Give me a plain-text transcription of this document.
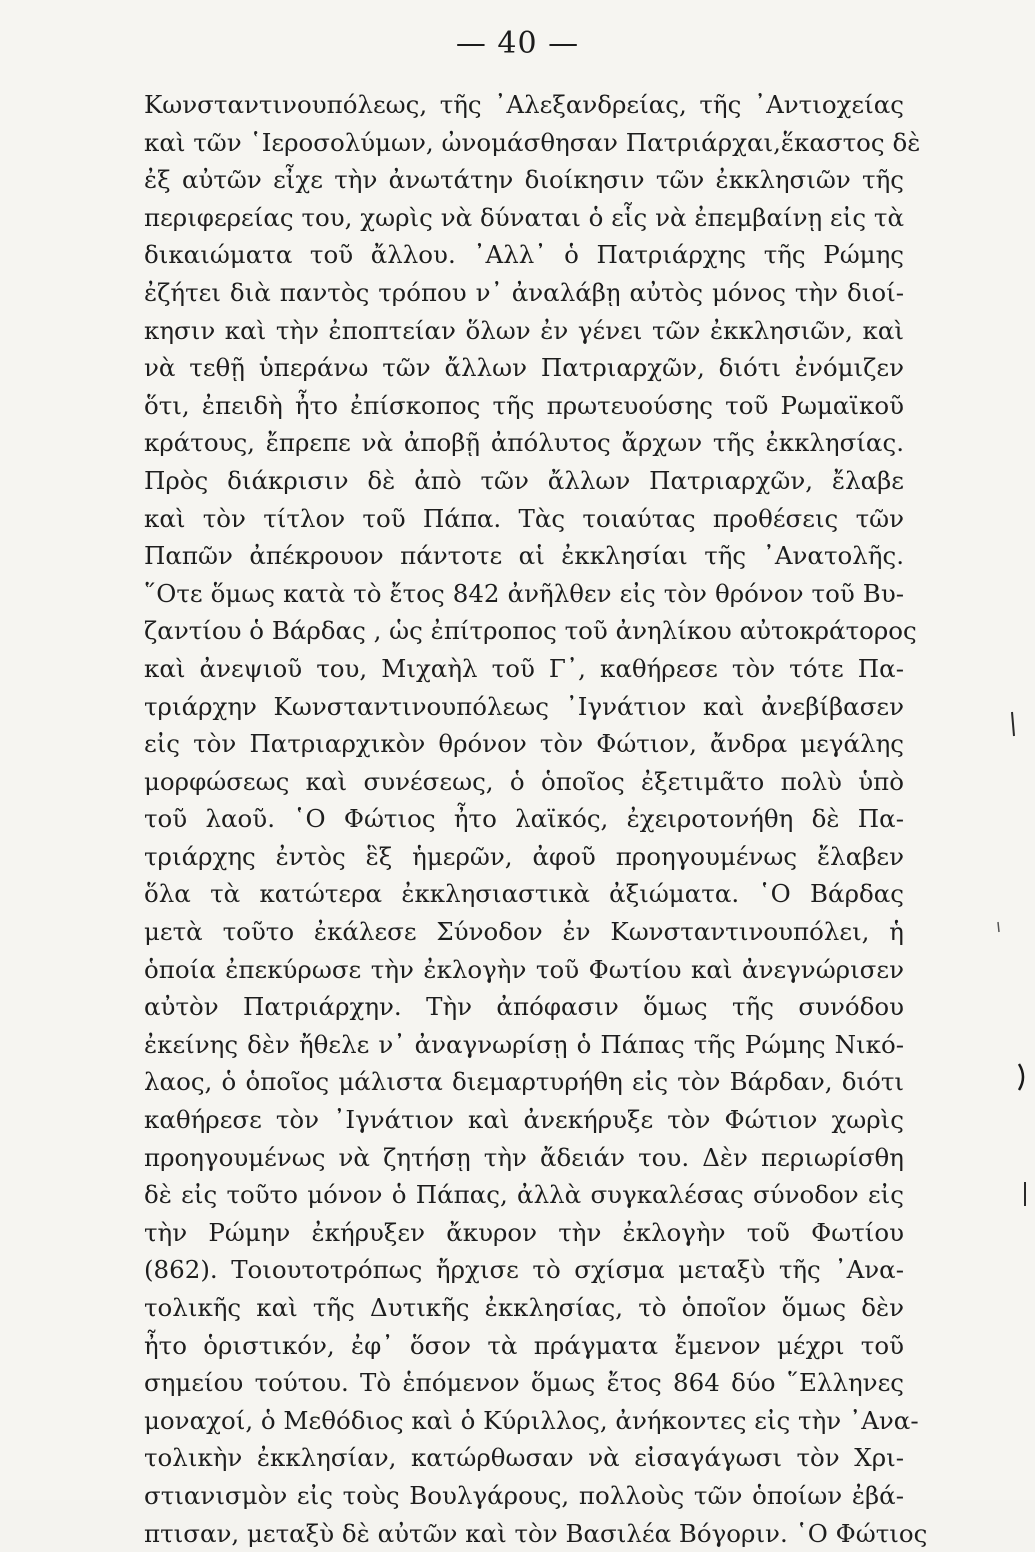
— 40 —
Κωνσταντινουπόλεως, τῆς ᾿Αλεξανδρείας, τῆς ᾿Αντιοχείας
καὶ τῶν ῾Ιεροσολύμων, ὠνομάσθησαν Πατριάρχαι,ἕκαστος δὲ
ἐξ αὐτῶν εἶχε τὴν ἀνωτάτην διοίκησιν τῶν ἐκκλησιῶν τῆς
περιφερείας του, χωρὶς νὰ δύναται ὁ εἷς νὰ ἐπεμβαίνῃ εἰς τὰ
δικαιώματα τοῦ ἄλλου. ᾿Αλλ᾿ ὁ Πατριάρχης τῆς Ρώμης
ἐζήτει διὰ παντὸς τρόπου ν᾿ ἀναλάβῃ αὐτὸς μόνος τὴν διοί-
κησιν καὶ τὴν ἐποπτείαν ὅλων ἐν γένει τῶν ἐκκλησιῶν, καὶ
νὰ τεθῇ ὑπεράνω τῶν ἄλλων Πατριαρχῶν, διότι ἐνόμιζεν
ὅτι, ἐπειδὴ ἦτο ἐπίσκοπος τῆς πρωτευούσης τοῦ Ρωμαϊκοῦ
κράτους, ἔπρεπε νὰ ἀποβῇ ἀπόλυτος ἄρχων τῆς ἐκκλησίας.
Πρὸς διάκρισιν δὲ ἀπὸ τῶν ἄλλων Πατριαρχῶν, ἔλαβε
καὶ τὸν τίτλον τοῦ Πάπα. Τὰς τοιαύτας προθέσεις τῶν
Παπῶν ἀπέκρουον πάντοτε αἱ ἐκκλησίαι τῆς ᾿Ανατολῆς.
῞Οτε ὅμως κατὰ τὸ ἔτος 842 ἀνῆλθεν εἰς τὸν θρόνον τοῦ Βυ-
ζαντίου ὁ Βάρδας , ὡς ἐπίτροπος τοῦ ἀνηλίκου αὐτοκράτορος
καὶ ἀνεψιοῦ του, Μιχαὴλ τοῦ Γ᾿, καθήρεσε τὸν τότε Πα-
τριάρχην Κωνσταντινουπόλεως ᾿Ιγνάτιον καὶ ἀνεβίβασεν
εἰς τὸν Πατριαρχικὸν θρόνον τὸν Φώτιον, ἄνδρα μεγάλης
μορφώσεως καὶ συνέσεως, ὁ ὁποῖος ἐξετιμᾶτο πολὺ ὑπὸ
τοῦ λαοῦ. ῾Ο Φώτιος ἦτο λαϊκός, ἐχειροτονήθη δὲ Πα-
τριάρχης ἐντὸς ἓξ ἡμερῶν, ἀφοῦ προηγουμένως ἔλαβεν
ὅλα τὰ κατώτερα ἐκκλησιαστικὰ ἀξιώματα. ῾Ο Βάρδας
μετὰ τοῦτο ἐκάλεσε Σύνοδον ἐν Κωνσταντινουπόλει, ἡ
ὁποία ἐπεκύρωσε τὴν ἐκλογὴν τοῦ Φωτίου καὶ ἀνεγνώρισεν
αὐτὸν Πατριάρχην. Τὴν ἀπόφασιν ὅμως τῆς συνόδου
ἐκείνης δὲν ἤθελε ν᾿ ἀναγνωρίσῃ ὁ Πάπας τῆς Ρώμης Νικό-
λαος, ὁ ὁποῖος μάλιστα διεμαρτυρήθη εἰς τὸν Βάρδαν, διότι
καθήρεσε τὸν ᾿Ιγνάτιον καὶ ἀνεκήρυξε τὸν Φώτιον χωρὶς
προηγουμένως νὰ ζητήσῃ τὴν ἄδειάν του. Δὲν περιωρίσθη
δὲ εἰς τοῦτο μόνον ὁ Πάπας, ἀλλὰ συγκαλέσας σύνοδον εἰς
τὴν Ρώμην ἐκήρυξεν ἄκυρον τὴν ἐκλογὴν τοῦ Φωτίου
(862). Τοιουτοτρόπως ἤρχισε τὸ σχίσμα μεταξὺ τῆς ᾿Ανα-
τολικῆς καὶ τῆς Δυτικῆς ἐκκλησίας, τὸ ὁποῖον ὅμως δὲν
ἦτο ὁριστικόν, ἐφ᾿ ὅσον τὰ πράγματα ἔμενον μέχρι τοῦ
σημείου τούτου. Τὸ ἑπόμενον ὅμως ἔτος 864 δύο ῞Ελληνες
μοναχοί, ὁ Μεθόδιος καὶ ὁ Κύριλλος, ἀνήκοντες εἰς τὴν ᾿Ανα-
τολικὴν ἐκκλησίαν, κατώρθωσαν νὰ εἰσαγάγωσι τὸν Χρι-
στιανισμὸν εἰς τοὺς Βουλγάρους, πολλοὺς τῶν ὁποίων ἐβά-
πτισαν, μεταξὺ δὲ αὐτῶν καὶ τὸν Βασιλέα Βόγοριν. ῾Ο Φώτιος
